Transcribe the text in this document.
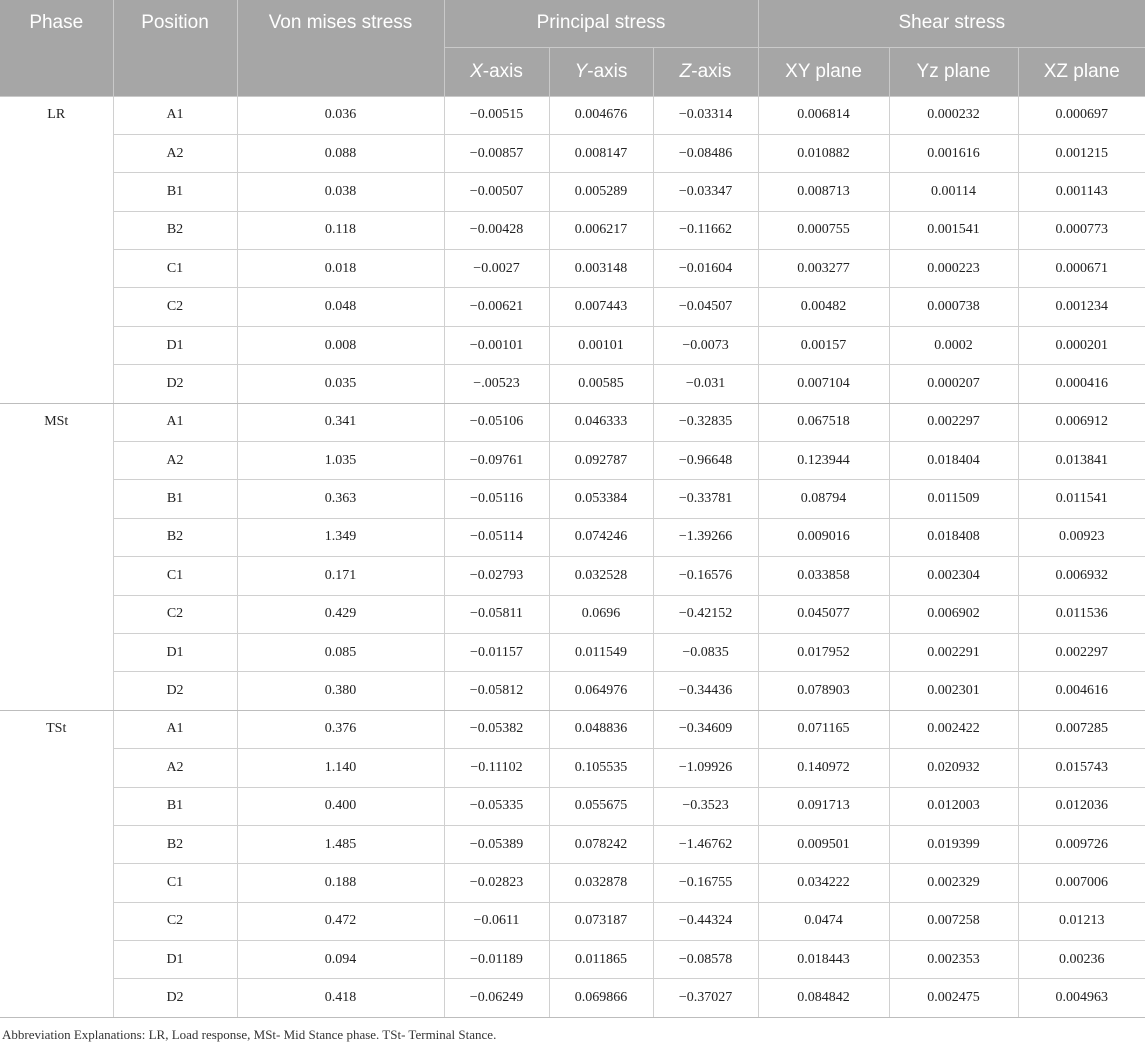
Phase	Position	Von mises stress	Principal stress			Shear stress		
			X-axis	Y-axis	Z-axis	XY plane	Yz plane	XZ plane
LR	A1	0.036	−0.00515	0.004676	−0.03314	0.006814	0.000232	0.000697
	A2	0.088	−0.00857	0.008147	−0.08486	0.010882	0.001616	0.001215
	B1	0.038	−0.00507	0.005289	−0.03347	0.008713	0.00114	0.001143
	B2	0.118	−0.00428	0.006217	−0.11662	0.000755	0.001541	0.000773
	C1	0.018	−0.0027	0.003148	−0.01604	0.003277	0.000223	0.000671
	C2	0.048	−0.00621	0.007443	−0.04507	0.00482	0.000738	0.001234
	D1	0.008	−0.00101	0.00101	−0.0073	0.00157	0.0002	0.000201
	D2	0.035	−.00523	0.00585	−0.031	0.007104	0.000207	0.000416
MSt	A1	0.341	−0.05106	0.046333	−0.32835	0.067518	0.002297	0.006912
	A2	1.035	−0.09761	0.092787	−0.96648	0.123944	0.018404	0.013841
	B1	0.363	−0.05116	0.053384	−0.33781	0.08794	0.011509	0.011541
	B2	1.349	−0.05114	0.074246	−1.39266	0.009016	0.018408	0.00923
	C1	0.171	−0.02793	0.032528	−0.16576	0.033858	0.002304	0.006932
	C2	0.429	−0.05811	0.0696	−0.42152	0.045077	0.006902	0.011536
	D1	0.085	−0.01157	0.011549	−0.0835	0.017952	0.002291	0.002297
	D2	0.380	−0.05812	0.064976	−0.34436	0.078903	0.002301	0.004616
TSt	A1	0.376	−0.05382	0.048836	−0.34609	0.071165	0.002422	0.007285
	A2	1.140	−0.11102	0.105535	−1.09926	0.140972	0.020932	0.015743
	B1	0.400	−0.05335	0.055675	−0.3523	0.091713	0.012003	0.012036
	B2	1.485	−0.05389	0.078242	−1.46762	0.009501	0.019399	0.009726
	C1	0.188	−0.02823	0.032878	−0.16755	0.034222	0.002329	0.007006
	C2	0.472	−0.0611	0.073187	−0.44324	0.0474	0.007258	0.01213
	D1	0.094	−0.01189	0.011865	−0.08578	0.018443	0.002353	0.00236
	D2	0.418	−0.06249	0.069866	−0.37027	0.084842	0.002475	0.004963

Abbreviation Explanations: LR, Load response, MSt- Mid Stance phase. TSt- Terminal Stance.
